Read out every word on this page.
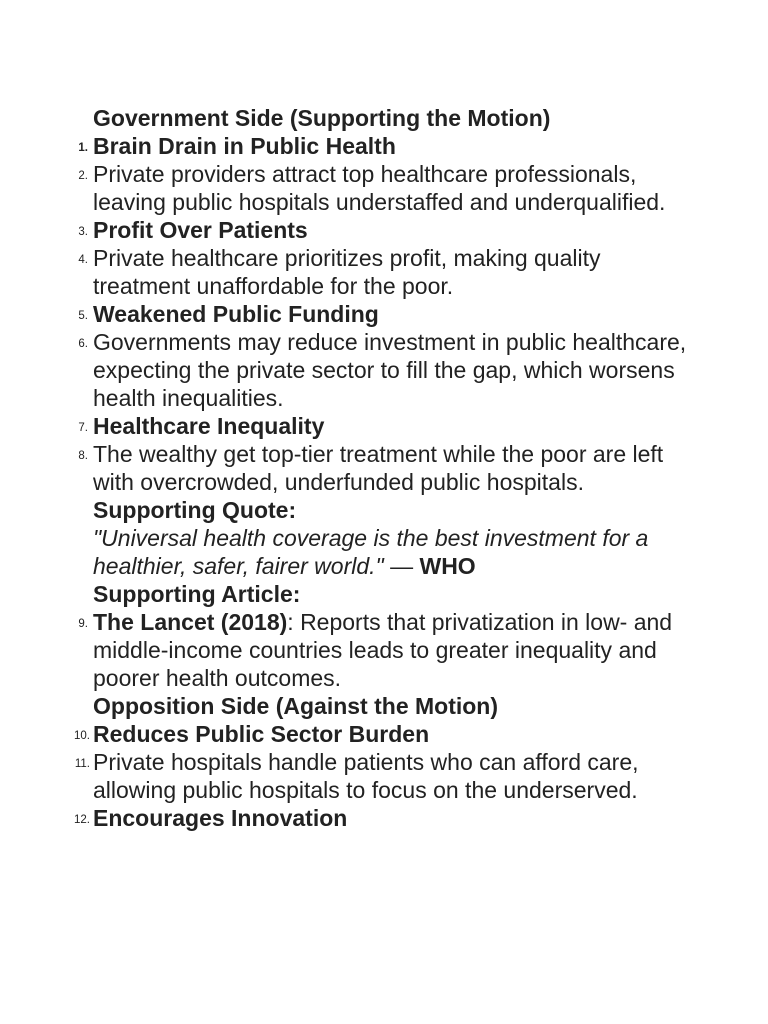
Government Side (Supporting the Motion)

1. Brain Drain in Public Health

2. Private providers attract top healthcare professionals, leaving public hospitals understaffed and underqualified.

3. Profit Over Patients

4. Private healthcare prioritizes profit, making quality treatment unaffordable for the poor.

5. Weakened Public Funding

6. Governments may reduce investment in public healthcare, expecting the private sector to fill the gap, which worsens health inequalities.

7. Healthcare Inequality

8. The wealthy get top-tier treatment while the poor are left with overcrowded, underfunded public hospitals.

Supporting Quote:

"Universal health coverage is the best investment for a healthier, safer, fairer world." — WHO

Supporting Article:

9. The Lancet (2018): Reports that privatization in low- and middle-income countries leads to greater inequality and poorer health outcomes.

Opposition Side (Against the Motion)

10. Reduces Public Sector Burden

11. Private hospitals handle patients who can afford care, allowing public hospitals to focus on the underserved.

12. Encourages Innovation
